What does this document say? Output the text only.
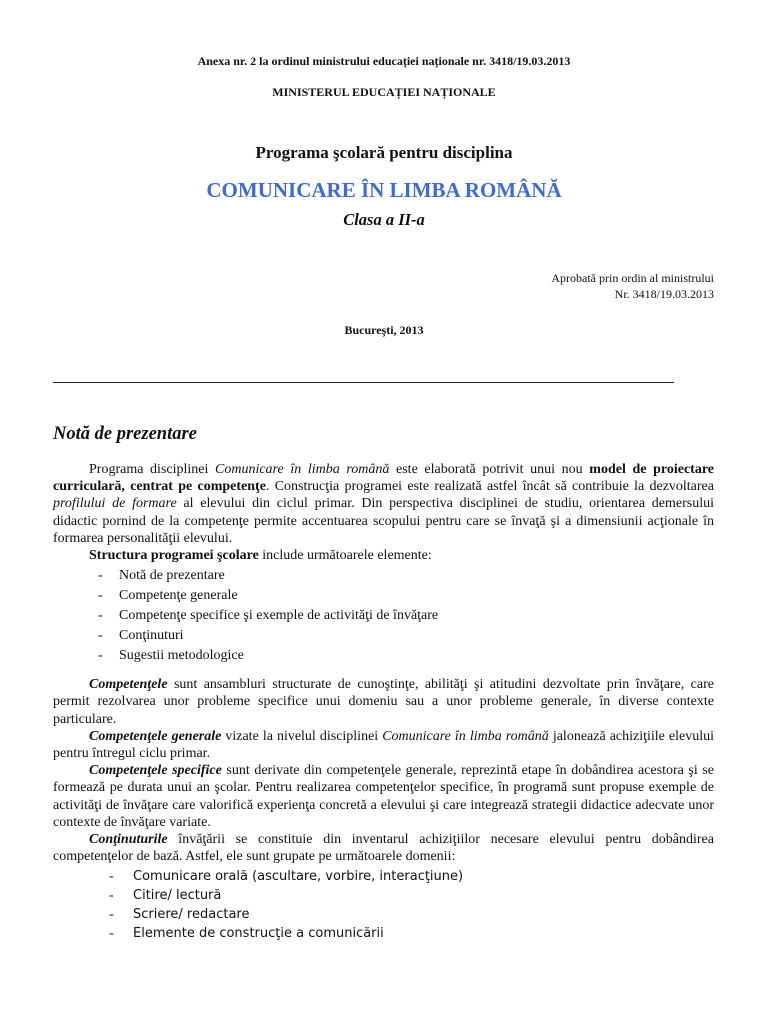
Anexa nr. 2 la ordinul ministrului educației naționale nr. 3418/19.03.2013
MINISTERUL EDUCAȚIEI NAȚIONALE
Programa şcolară pentru disciplina
COMUNICARE ÎN LIMBA ROMÂNĂ
Clasa a II-a
Aprobată prin ordin al ministrului
Nr. 3418/19.03.2013
Bucureşti, 2013
Notă de prezentare

Programa disciplinei Comunicare în limba română este elaborată potrivit unui nou model de proiectare curriculară, centrat pe competenţe. Construcţia programei este realizată astfel încât să contribuie la dezvoltarea profilului de formare al elevului din ciclul primar. Din perspectiva disciplinei de studiu, orientarea demersului didactic pornind de la competenţe permite accentuarea scopului pentru care se învaţă şi a dimensiunii acţionale în formarea personalităţii elevului.

Structura programei şcolare include următoarele elemente:

- Notă de prezentare
- Competenţe generale
- Competenţe specifice şi exemple de activităţi de învăţare
- Conţinuturi
- Sugestii metodologice

Competenţele sunt ansambluri structurate de cunoştinţe, abilităţi şi atitudini dezvoltate prin învăţare, care permit rezolvarea unor probleme specifice unui domeniu sau a unor probleme generale, în diverse contexte particulare.

Competenţele generale vizate la nivelul disciplinei Comunicare în limba română jalonează achiziţiile elevului pentru întregul ciclu primar.

Competenţele specifice sunt derivate din competenţele generale, reprezintă etape în dobândirea acestora şi se formează pe durata unui an şcolar. Pentru realizarea competenţelor specifice, în programă sunt propuse exemple de activităţi de învăţare care valorifică experienţa concretă a elevului şi care integrează strategii didactice adecvate unor contexte de învăţare variate.

Conţinuturile învăţării se constituie din inventarul achiziţiilor necesare elevului pentru dobândirea competenţelor de bază. Astfel, ele sunt grupate pe următoarele domenii:

- Comunicare orală (ascultare, vorbire, interacţiune)
- Citire/ lectură
- Scriere/ redactare
- Elemente de construcţie a comunicării
